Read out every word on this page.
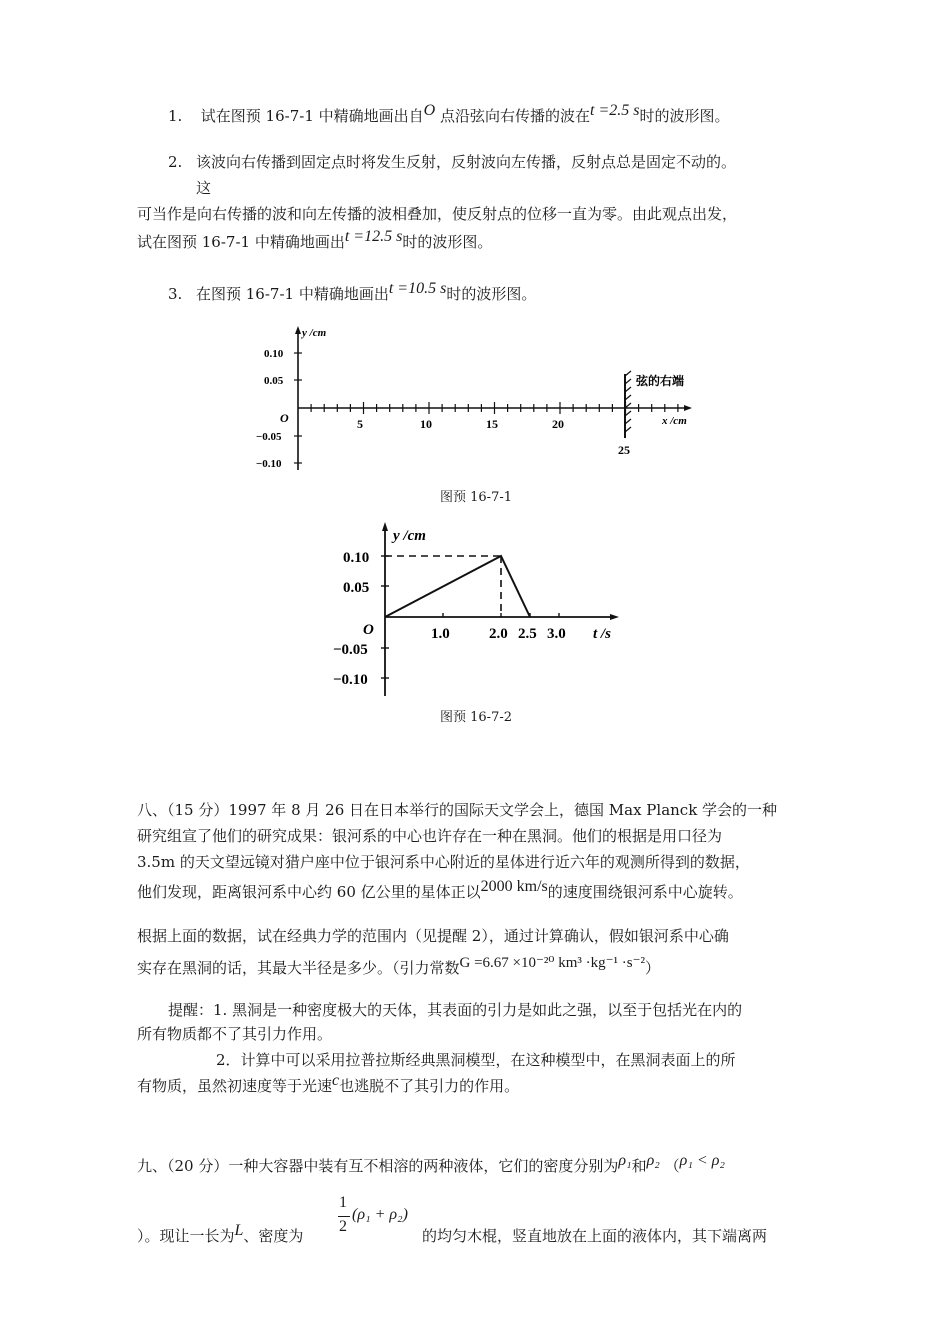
1. 试在图预 16-7-1 中精确地画出自O 点沿弦向右传播的波在t =2.5 s时的波形图。
2. 该波向右传播到固定点时将发生反射，反射波向左传播，反射点总是固定不动的。
这
可当作是向右传播的波和向左传播的波相叠加，使反射点的位移一直为零。由此观点出发，
试在图预 16-7-1 中精确地画出t =12.5 s时的波形图。
3. 在图预 16-7-1 中精确地画出t =10.5 s时的波形图。
0.10
0.05
−0.05
−0.10
y /cm
O	x /cm
5	10	15	20
25
弦的右端
图预 16-7-1
y /cm
0.10
0.05
−0.05
−0.10
O	t /s
1.0	2.0 2.5 3.0
图预 16-7-2
八、（15 分）1997 年 8 月 26 日在日本举行的国际天文学会上，德国 Max Planck 学会的一种
研究组宣了他们的研究成果：银河系的中心也许存在一种在黑洞。他们的根据是用口径为
3.5m 的天文望远镜对猎户座中位于银河系中心附近的星体进行近六年的观测所得到的数据，
他们发现，距离银河系中心约 60 亿公里的星体正以2000 km/s的速度围绕银河系中心旋转。
根据上面的数据，试在经典力学的范围内（见提醒 2），通过计算确认，假如银河系中心确
实存在黑洞的话，其最大半径是多少。（引力常数G =6.67 ×10⁻²⁰ km³ ·kg⁻¹ ·s⁻²）
提醒：1. 黑洞是一种密度极大的天体，其表面的引力是如此之强，以至于包括光在内的
所有物质都不了其引力作用。
2．计算中可以采用拉普拉斯经典黑洞模型，在这种模型中，在黑洞表面上的所
有物质，虽然初速度等于光速c也逃脱不了其引力的作用。
九、（20 分）一种大容器中装有互不相溶的两种液体，它们的密度分别为ρ₁和ρ₂ （ρ₁ < ρ₂
1
2
(ρ₁ + ρ₂)
）。现让一长为L、密度为	的均匀木棍，竖直地放在上面的液体内，其下端离两
